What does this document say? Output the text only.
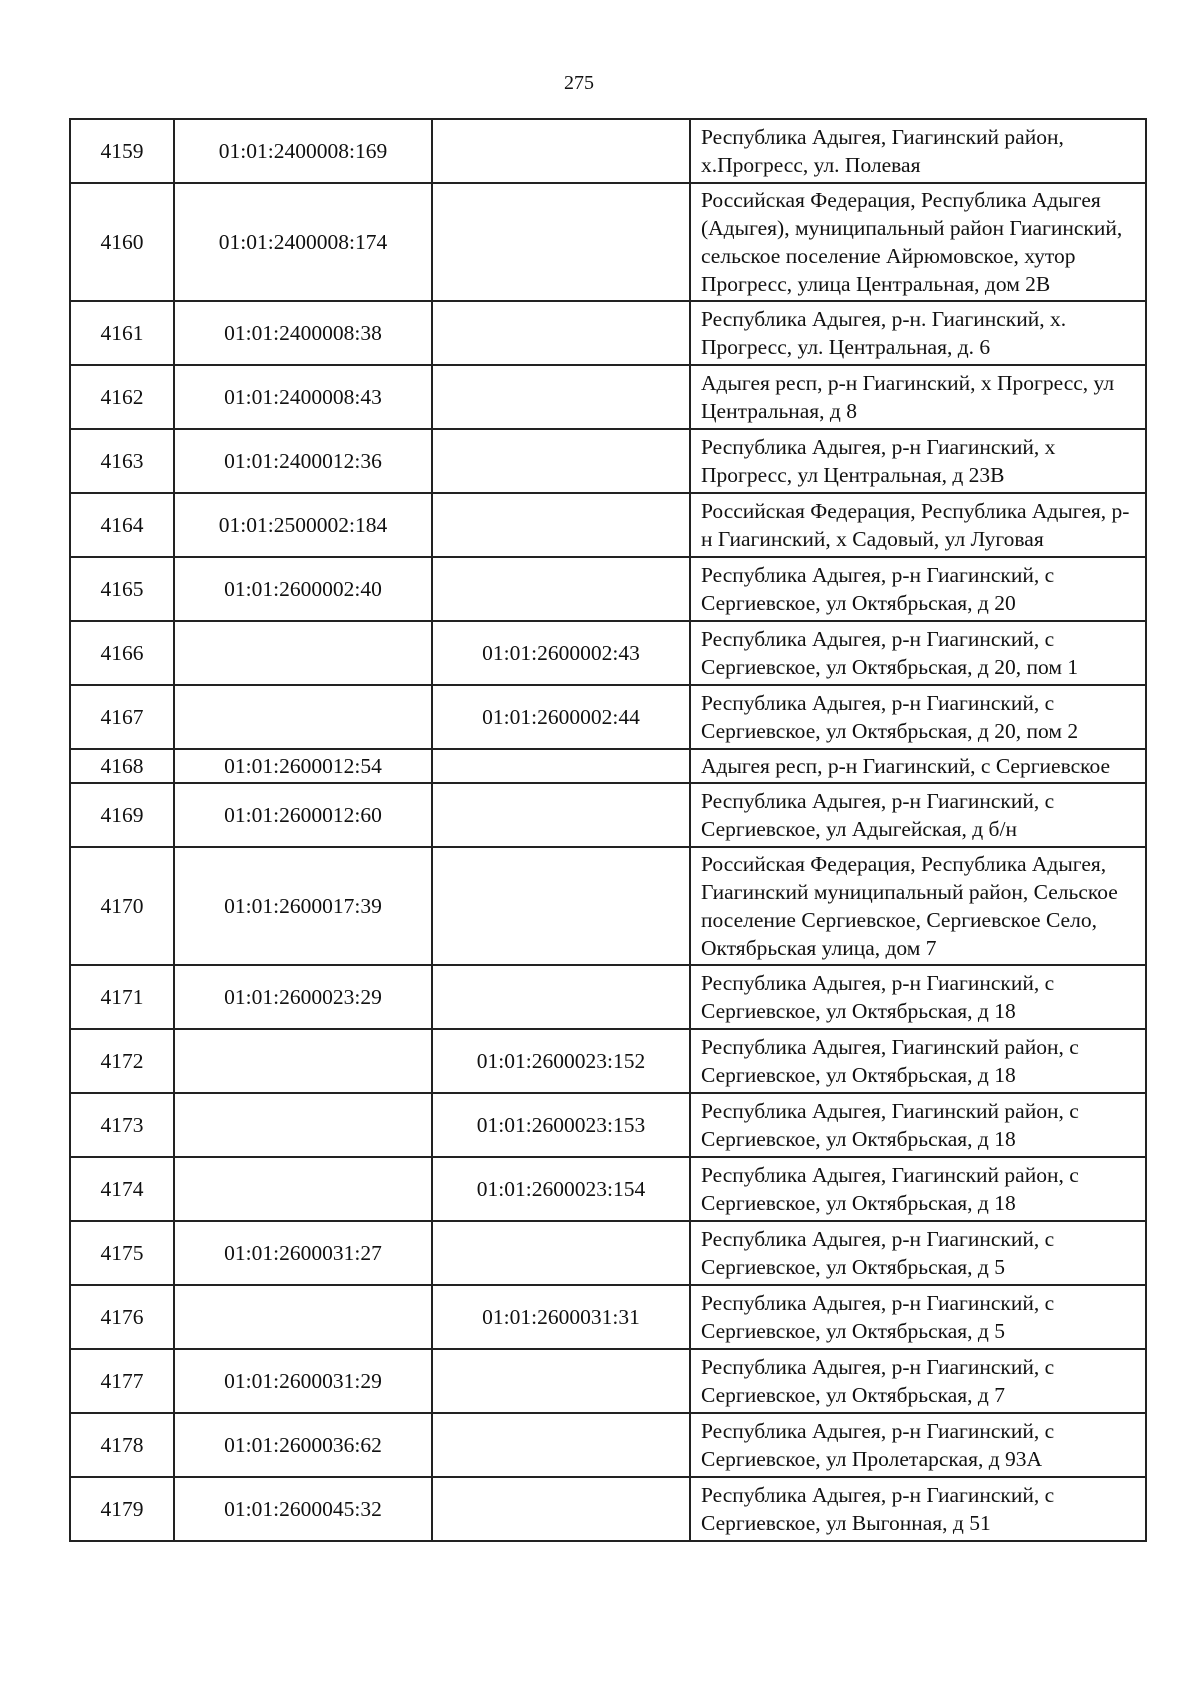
275
4159	01:01:2400008:169		Республика Адыгея, Гиагинский район, х.Прогресс, ул. Полевая
4160	01:01:2400008:174		Российская Федерация, Республика Адыгея (Адыгея), муниципальный район Гиагинский, сельское поселение Айрюмовское, хутор Прогресс, улица Центральная, дом 2В
4161	01:01:2400008:38		Республика Адыгея, р-н. Гиагинский, х. Прогресс, ул. Центральная, д. 6
4162	01:01:2400008:43		Адыгея респ, р-н Гиагинский, х Прогресс, ул Центральная, д 8
4163	01:01:2400012:36		Республика Адыгея, р-н Гиагинский, х Прогресс, ул Центральная, д 23В
4164	01:01:2500002:184		Российская Федерация, Республика Адыгея, р-н Гиагинский, х Садовый, ул Луговая
4165	01:01:2600002:40		Республика Адыгея, р-н Гиагинский, с Сергиевское, ул Октябрьская, д 20
4166		01:01:2600002:43	Республика Адыгея, р-н Гиагинский, с Сергиевское, ул Октябрьская, д 20, пом 1
4167		01:01:2600002:44	Республика Адыгея, р-н Гиагинский, с Сергиевское, ул Октябрьская, д 20, пом 2
4168	01:01:2600012:54		Адыгея респ, р-н Гиагинский, с Сергиевское
4169	01:01:2600012:60		Республика Адыгея, р-н Гиагинский, с Сергиевское, ул Адыгейская, д б/н
4170	01:01:2600017:39		Российская Федерация, Республика Адыгея, Гиагинский муниципальный район, Сельское поселение Сергиевское, Сергиевское Село, Октябрьская улица, дом 7
4171	01:01:2600023:29		Республика Адыгея, р-н Гиагинский, с Сергиевское, ул Октябрьская, д 18
4172		01:01:2600023:152	Республика Адыгея, Гиагинский район, с Сергиевское, ул Октябрьская, д 18
4173		01:01:2600023:153	Республика Адыгея, Гиагинский район, с Сергиевское, ул Октябрьская, д 18
4174		01:01:2600023:154	Республика Адыгея, Гиагинский район, с Сергиевское, ул Октябрьская, д 18
4175	01:01:2600031:27		Республика Адыгея, р-н Гиагинский, с Сергиевское, ул Октябрьская, д 5
4176		01:01:2600031:31	Республика Адыгея, р-н Гиагинский, с Сергиевское, ул Октябрьская, д 5
4177	01:01:2600031:29		Республика Адыгея, р-н Гиагинский, с Сергиевское, ул Октябрьская, д 7
4178	01:01:2600036:62		Республика Адыгея, р-н Гиагинский, с Сергиевское, ул Пролетарская, д 93А
4179	01:01:2600045:32		Республика Адыгея, р-н Гиагинский, с Сергиевское, ул Выгонная, д 51
